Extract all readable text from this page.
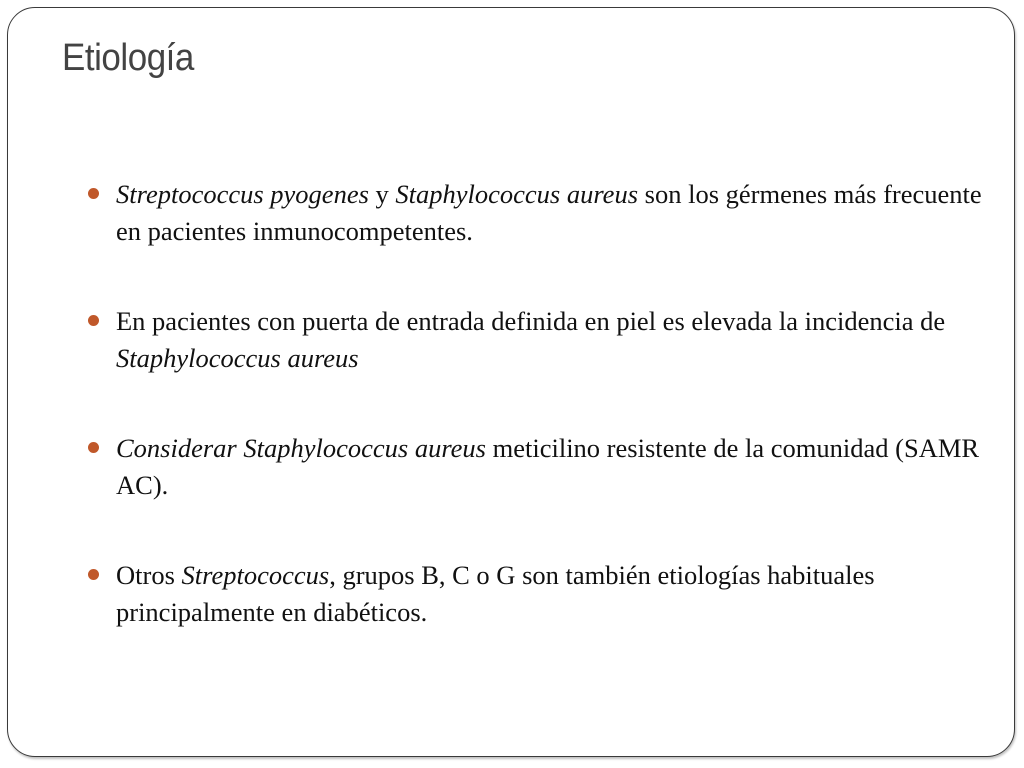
Etiología
Streptococcus pyogenes y Staphylococcus aureus son los gérmenes más frecuente en pacientes inmunocompetentes.
En pacientes con puerta de entrada definida en piel es elevada la incidencia de Staphylococcus aureus
Considerar Staphylococcus aureus meticilino resistente de la comunidad (SAMR AC).
Otros Streptococcus, grupos B, C o G son también etiologías habituales principalmente en diabéticos.
